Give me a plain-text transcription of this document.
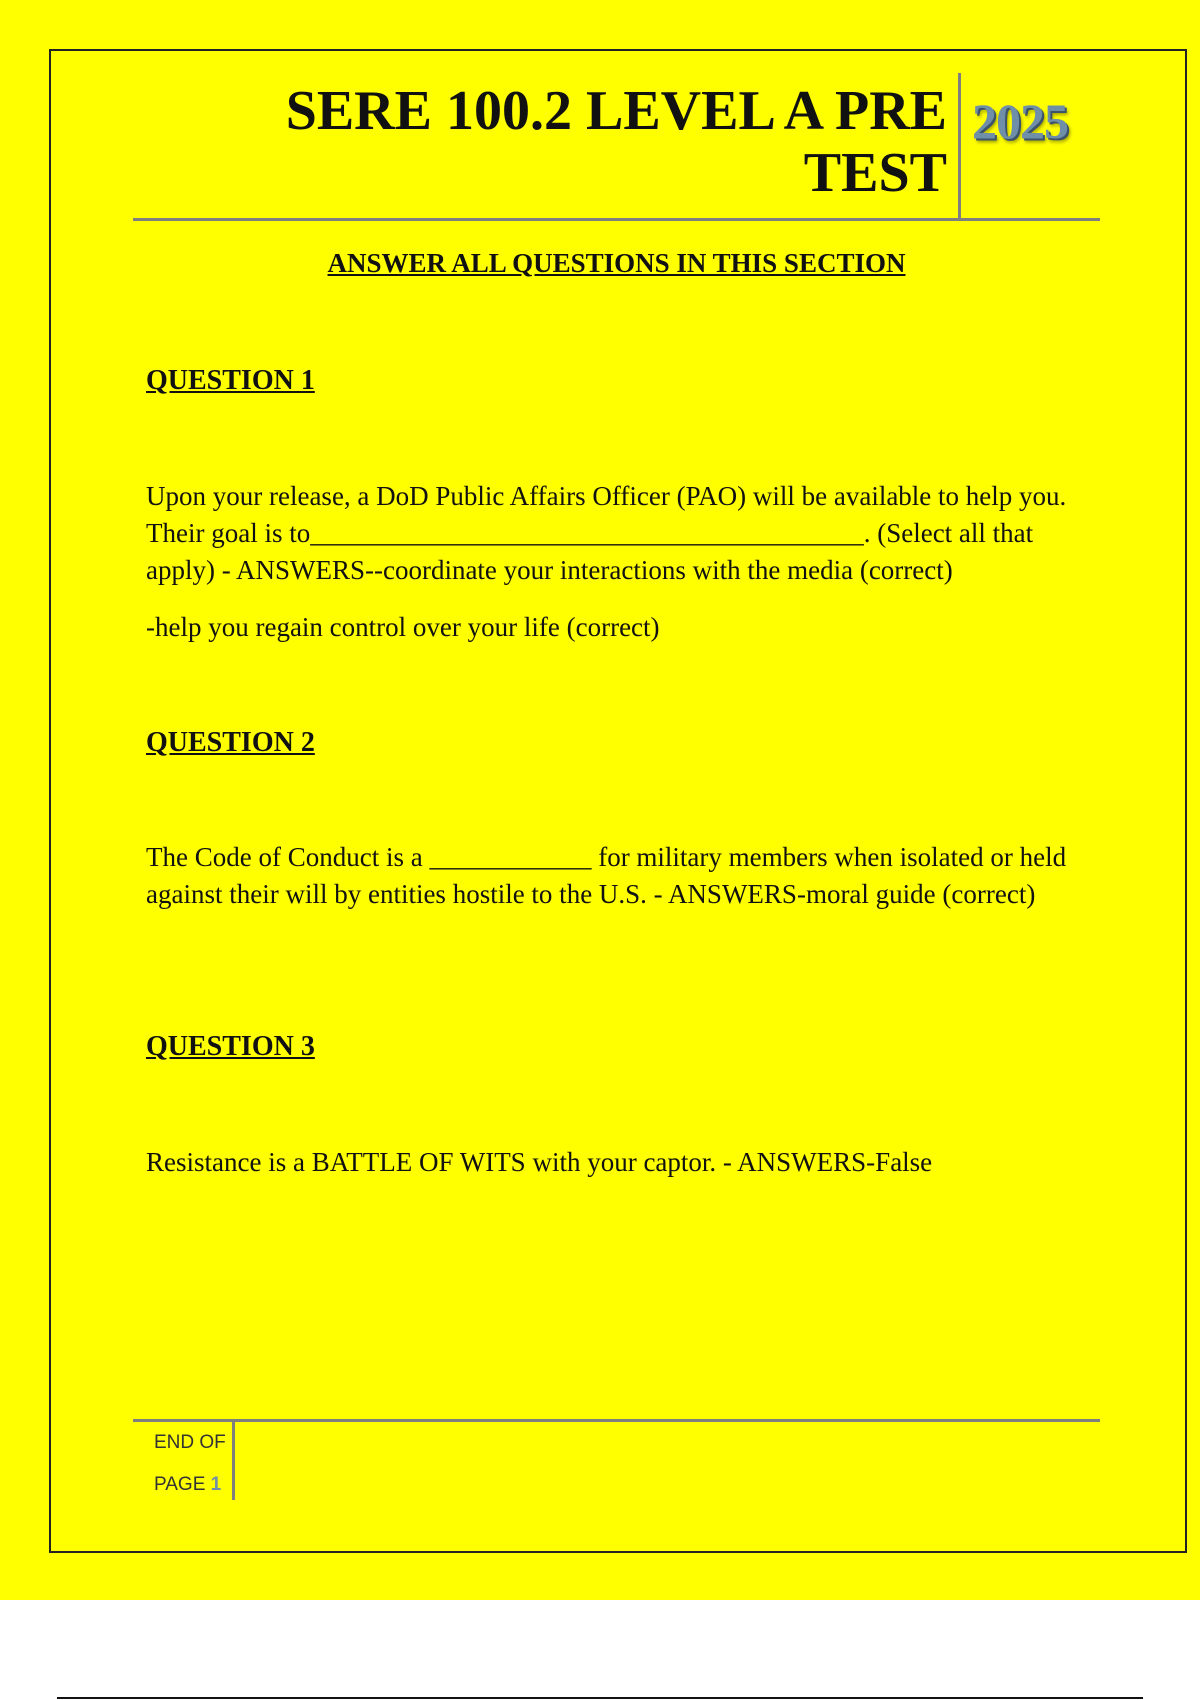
SERE 100.2 LEVEL A PRE TEST
2025
ANSWER ALL QUESTIONS IN THIS SECTION
QUESTION 1
Upon your release, a DoD Public Affairs Officer (PAO) will be available to help you. Their goal is to_________________________________________. (Select all that apply) - ANSWERS--coordinate your interactions with the media (correct)
-help you regain control over your life (correct)
QUESTION 2
The Code of Conduct is a ____________ for military members when isolated or held against their will by entities hostile to the U.S. - ANSWERS-moral guide (correct)
QUESTION 3
Resistance is a BATTLE OF WITS with your captor. - ANSWERS-False
END OF
PAGE 1
